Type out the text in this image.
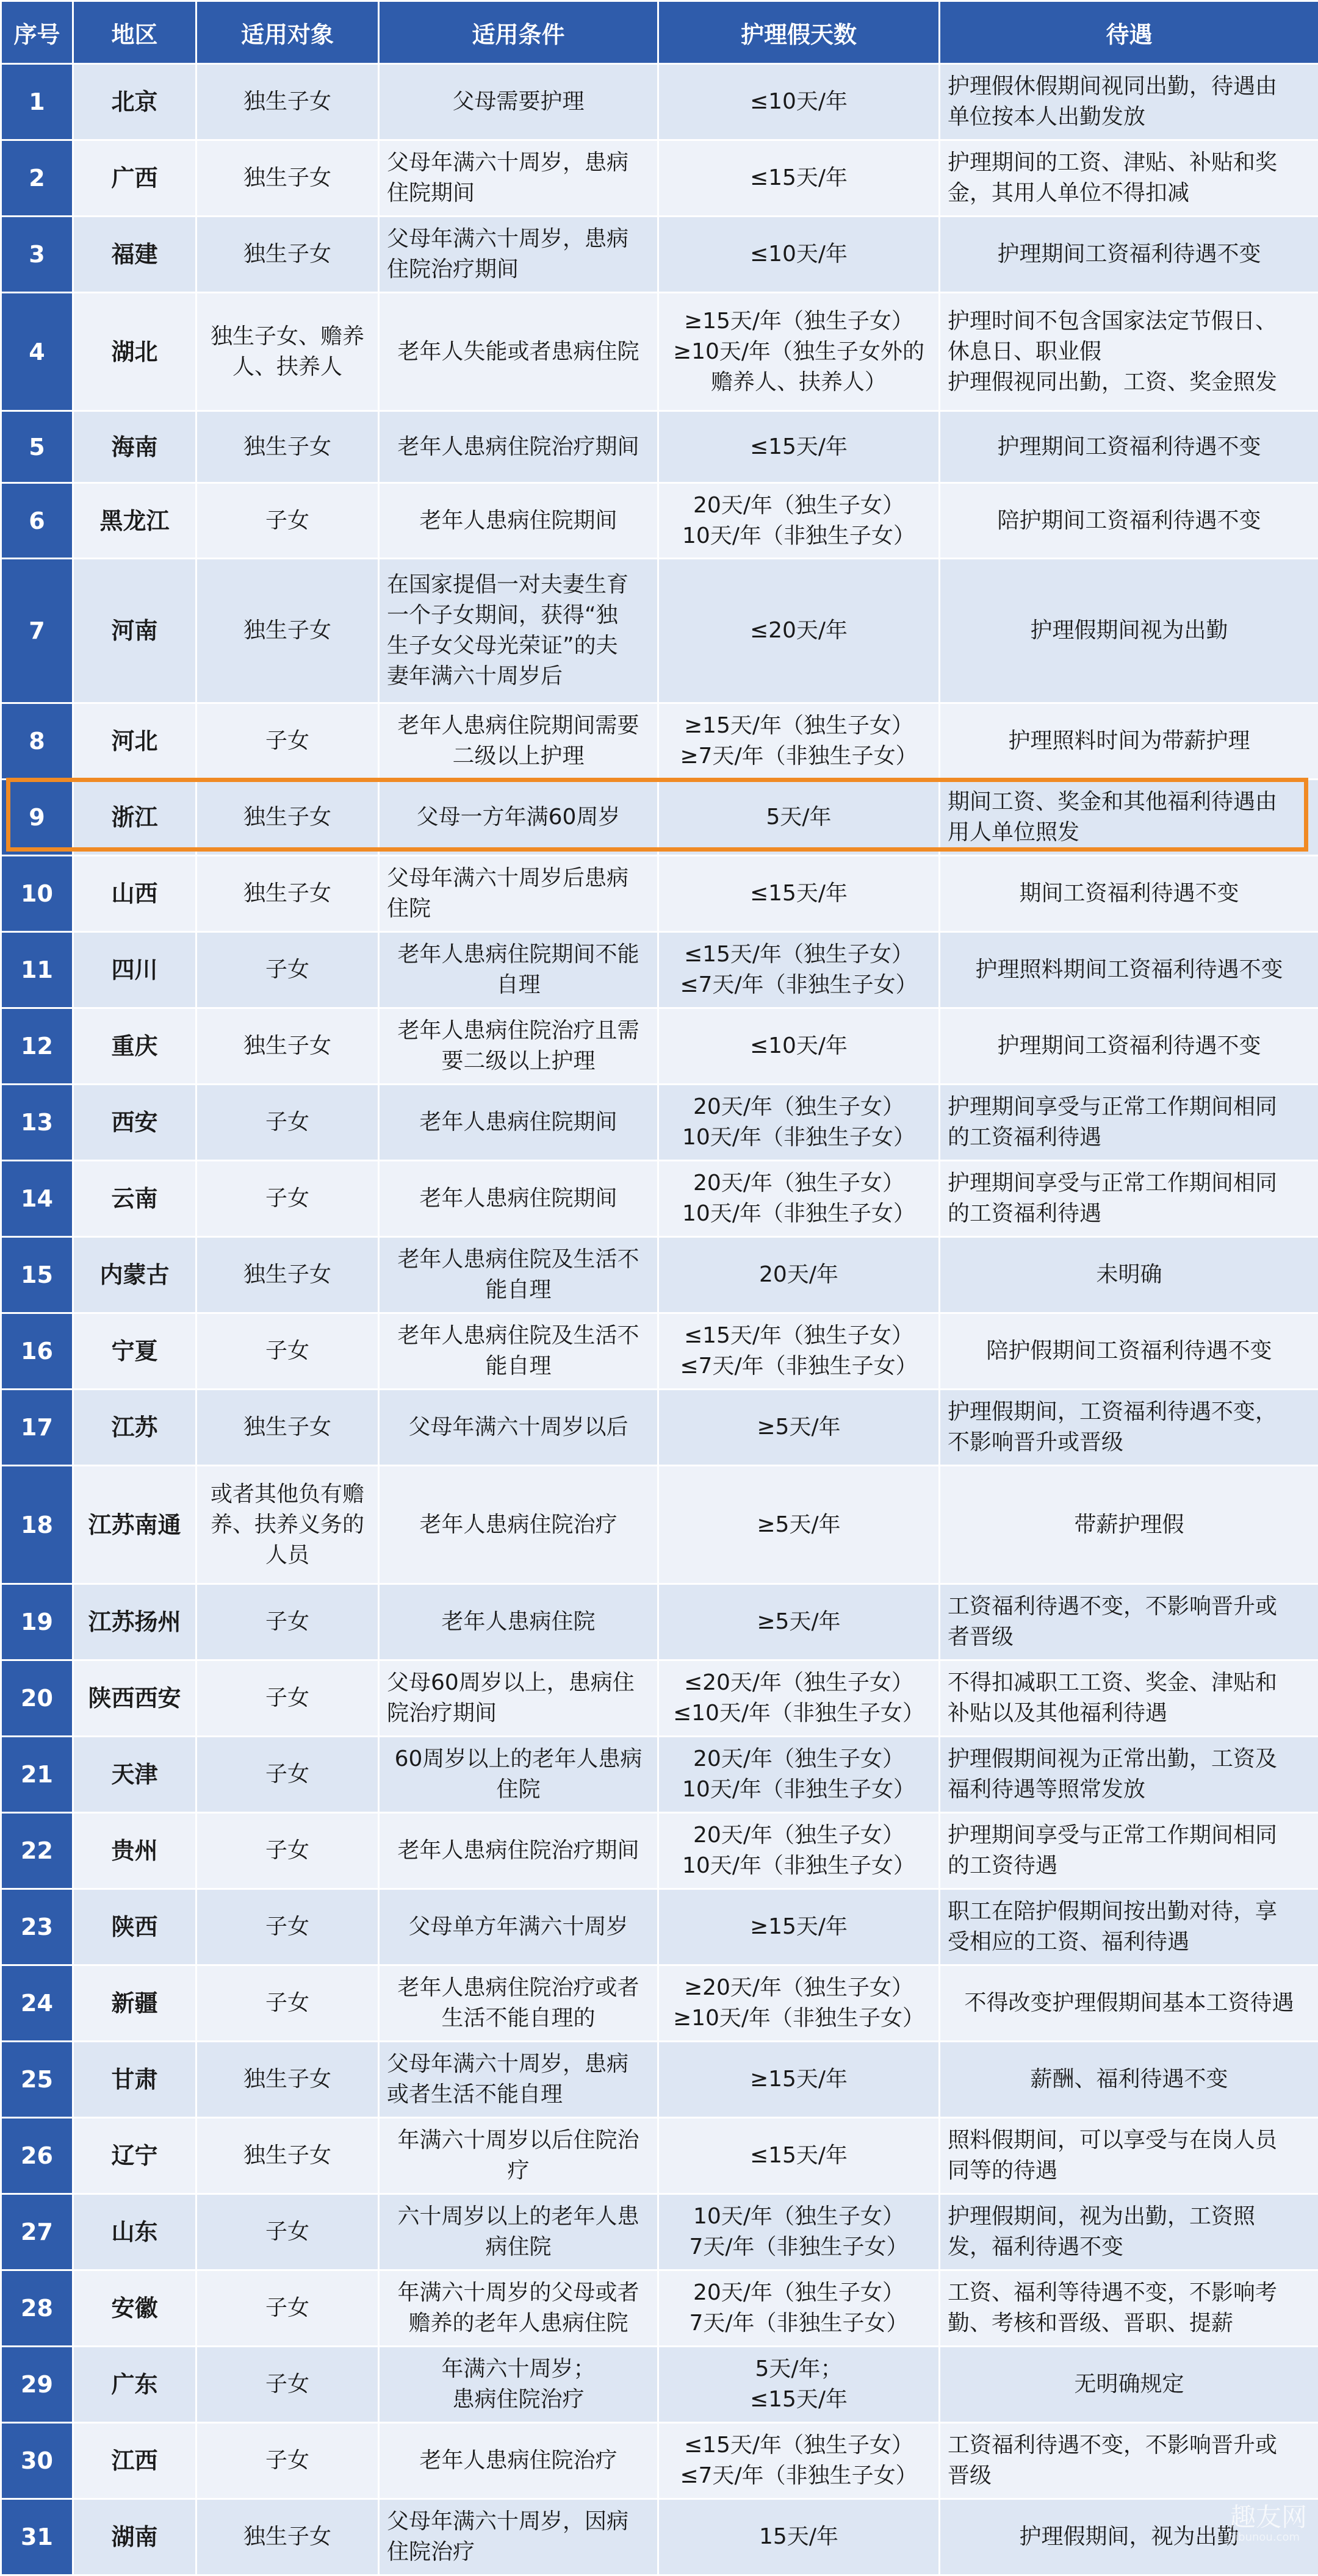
序号	地区	适用对象	适用条件	护理假天数	待遇
1	北京	独生子女	父母需要护理	≤10天/年	护理假休假期间视同出勤，待遇由
单位按本人出勤发放
2	广西	独生子女	父母年满六十周岁，患病
住院期间	≤15天/年	护理期间的工资、津贴、补贴和奖
金，其用人单位不得扣减
3	福建	独生子女	父母年满六十周岁，患病
住院治疗期间	≤10天/年	护理期间工资福利待遇不变
4	湖北	独生子女、赡养
人、扶养人	老年人失能或者患病住院	≥15天/年（独生子女）
≥10天/年（独生子女外的
赡养人、扶养人）	护理时间不包含国家法定节假日、
休息日、职业假
护理假视同出勤，工资、奖金照发
5	海南	独生子女	老年人患病住院治疗期间	≤15天/年	护理期间工资福利待遇不变
6	黑龙江	子女	老年人患病住院期间	20天/年（独生子女）
10天/年（非独生子女）	陪护期间工资福利待遇不变
7	河南	独生子女	在国家提倡一对夫妻生育
一个子女期间，获得“独
生子女父母光荣证”的夫
妻年满六十周岁后	≤20天/年	护理假期间视为出勤
8	河北	子女	老年人患病住院期间需要
二级以上护理	≥15天/年（独生子女）
≥7天/年（非独生子女）	护理照料时间为带薪护理
9	浙江	独生子女	父母一方年满60周岁	5天/年	期间工资、奖金和其他福利待遇由
用人单位照发
10	山西	独生子女	父母年满六十周岁后患病
住院	≤15天/年	期间工资福利待遇不变
11	四川	子女	老年人患病住院期间不能
自理	≤15天/年（独生子女）
≤7天/年（非独生子女）	护理照料期间工资福利待遇不变
12	重庆	独生子女	老年人患病住院治疗且需
要二级以上护理	≤10天/年	护理期间工资福利待遇不变
13	西安	子女	老年人患病住院期间	20天/年（独生子女）
10天/年（非独生子女）	护理期间享受与正常工作期间相同
的工资福利待遇
14	云南	子女	老年人患病住院期间	20天/年（独生子女）
10天/年（非独生子女）	护理期间享受与正常工作期间相同
的工资福利待遇
15	内蒙古	独生子女	老年人患病住院及生活不
能自理	20天/年	未明确
16	宁夏	子女	老年人患病住院及生活不
能自理	≤15天/年（独生子女）
≤7天/年（非独生子女）	陪护假期间工资福利待遇不变
17	江苏	独生子女	父母年满六十周岁以后	≥5天/年	护理假期间，工资福利待遇不变，
不影响晋升或晋级
18	江苏南通	或者其他负有赡
养、扶养义务的
人员	老年人患病住院治疗	≥5天/年	带薪护理假
19	江苏扬州	子女	老年人患病住院	≥5天/年	工资福利待遇不变，不影响晋升或
者晋级
20	陕西西安	子女	父母60周岁以上，患病住
院治疗期间	≤20天/年（独生子女）
≤10天/年（非独生子女）	不得扣减职工工资、奖金、津贴和
补贴以及其他福利待遇
21	天津	子女	60周岁以上的老年人患病
住院	20天/年（独生子女）
10天/年（非独生子女）	护理假期间视为正常出勤，工资及
福利待遇等照常发放
22	贵州	子女	老年人患病住院治疗期间	20天/年（独生子女）
10天/年（非独生子女）	护理期间享受与正常工作期间相同
的工资待遇
23	陕西	子女	父母单方年满六十周岁	≥15天/年	职工在陪护假期间按出勤对待，享
受相应的工资、福利待遇
24	新疆	子女	老年人患病住院治疗或者
生活不能自理的	≥20天/年（独生子女）
≥10天/年（非独生子女）	不得改变护理假期间基本工资待遇
25	甘肃	独生子女	父母年满六十周岁，患病
或者生活不能自理	≥15天/年	薪酬、福利待遇不变
26	辽宁	独生子女	年满六十周岁以后住院治
疗	≤15天/年	照料假期间，可以享受与在岗人员
同等的待遇
27	山东	子女	六十周岁以上的老年人患
病住院	10天/年（独生子女）
7天/年（非独生子女）	护理假期间，视为出勤，工资照
发，福利待遇不变
28	安徽	子女	年满六十周岁的父母或者
赡养的老年人患病住院	20天/年（独生子女）
7天/年（非独生子女）	工资、福利等待遇不变，不影响考
勤、考核和晋级、晋职、提薪
29	广东	子女	年满六十周岁；
患病住院治疗	5天/年；
≤15天/年	无明确规定
30	江西	子女	老年人患病住院治疗	≤15天/年（独生子女）
≤7天/年（非独生子女）	工资福利待遇不变，不影响晋升或
晋级
31	湖南	独生子女	父母年满六十周岁，因病
住院治疗	15天/年	护理假期间，视为出勤
趣友网
5ibunou.com
